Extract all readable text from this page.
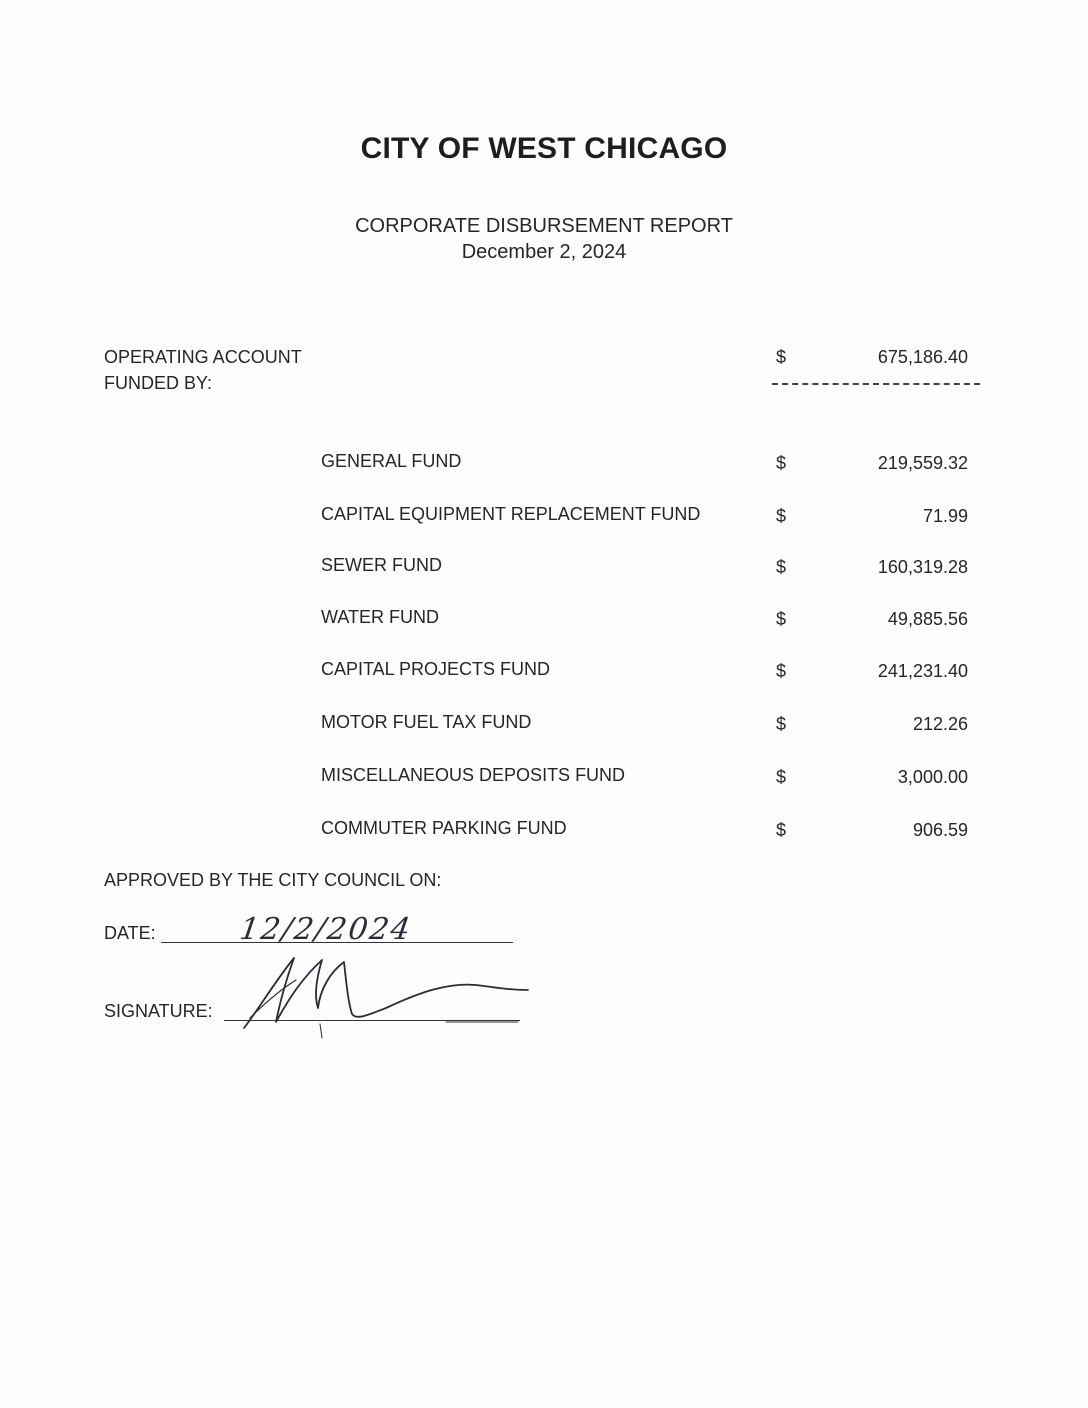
CITY OF WEST CHICAGO
CORPORATE DISBURSEMENT REPORT
December 2, 2024
OPERATING ACCOUNT
FUNDED BY:
$	675,186.40
GENERAL FUND	$	219,559.32
CAPITAL EQUIPMENT REPLACEMENT FUND	$	71.99
SEWER FUND	$	160,319.28
WATER FUND	$	49,885.56
CAPITAL PROJECTS FUND	$	241,231.40
MOTOR FUEL TAX FUND	$	212.26
MISCELLANEOUS DEPOSITS FUND	$	3,000.00
COMMUTER PARKING FUND	$	906.59
APPROVED BY THE CITY COUNCIL ON:
DATE:	12/2/2024
SIGNATURE:
